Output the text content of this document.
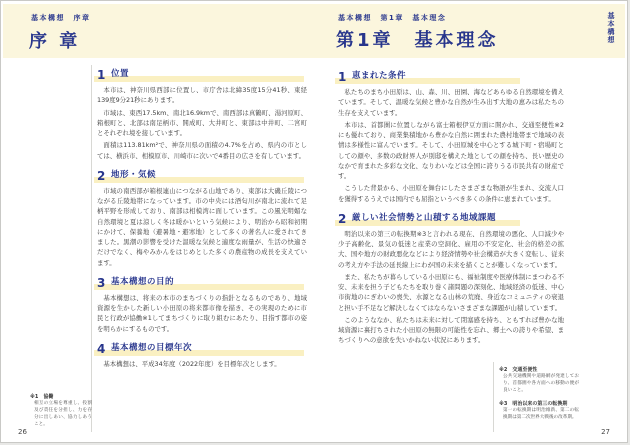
基本構想　序章
序 章
基本構想　第1章　基本理念
第1章　基本理念	基本構想
1 位置

本市は、神奈川県西部に位置し、市庁舎は北緯35度15分41秒、東経139度9分21秒にあります。

市域は、東西17.5km、南北16.9kmで、南西部は真鶴町、湯河原町、箱根町と、北部は南足柄市、開成町、大井町と、東部は中井町、二宮町とそれぞれ境を接しています。

面積は113.81km²で、神奈川県の面積の4.7%を占め、県内の市としては、横浜市、相模原市、川崎市に次いで4番目の広さを有しています。

2 地形・気候

市域の南西部が箱根連山につながる山地であり、東部は大磯丘陵につながる丘陵地帯になっています。市の中央には酒匂川が南北に流れて足柄平野を形成しており、南部は相模湾に面しています。この風光明媚な自然環境と夏は涼しく冬は暖かいという気候により、明治から昭和初期にかけて、保養地（避暑地・避寒地）として多くの著名人に愛されてきました。黒潮の影響を受けた温暖な気候と適度な雨量が、生活の快適さだけでなく、梅やみかんをはじめとした多くの農産物の成長を支えています。

3 基本構想の目的

基本構想は、将来の本市のまちづくりの指針となるものであり、地域資源を生かした新しい小田原の将来都市像を描き、その実現のために市民と行政が協働※1してまちづくりに取り組むにあたり、目指す都市の姿を明らかにするものです。

4 基本構想の目標年次

基本構想は、平成34年度（2022年度）を目標年次とします。

1 恵まれた条件

私たちのまち小田原は、山、森、川、田園、海などあらゆる自然環境を備えています。そして、温暖な気候と豊かな自然が生み出す大地の恵みは私たちの生存を支えています。

本市は、首都圏に位置しながら富士箱根伊豆方面に開かれ、交通至便性※2にも優れており、商業集積地から豊かな自然に囲まれた農村地帯まで地域の表情は多様性に富んでいます。そして、小田原城を中心とする城下町・宿場町としての顔や、多数の政財界人が別邸を構えた地としての顔を持ち、長い歴史のなかで育まれた多彩な文化、なりわいなどは全国に誇りうる市民共有の財産です。

こうした背景から、小田原を舞台にしたさまざまな物語が生まれ、交流人口を獲得するうえでは国内でも屈指というべき多くの条件に恵まれています。

2 厳しい社会情勢と山積する地域課題

明治以来の第三の転換期※3と言われる現在、自然環境の悪化、人口減少や少子高齢化、景気の低迷と産業の空洞化、雇用の不安定化、社会的格差の拡大、国や地方の財政悪化などにより経済情勢や社会構造が大きく変転し、従来の考え方や手法の延長線上にわが国の未来を描くことが難しくなっています。

また、私たちが暮らしている小田原にも、福祉制度や医療体制にまつわる不安、未来を担う子どもたちを取り巻く諸問題の深刻化、地域経済の低迷、中心市街地のにぎわいの喪失、水源となる山林の荒廃、身近なコミュニティの衰退と担い手不足など解決しなくてはならないさまざまな課題が山積しています。

このようななか、私たちは未来に対して閉塞感を持ち、ともすれば豊かな地域資源に裏打ちされた小田原の無限の可能性を忘れ、郷土への誇りや希望、まちづくりへの意欲を失いかねない状況にあります。

※1　協働
相互の立場を尊重し、役割及び責任を分担し、力を存分に出しあい、協力しあうこと。
※2　交通至便性
公共交通機関や道路網が発達しており、首都圏や各方面への移動の便が良いこと。
※3　明治以来の第三の転換期
第一の転換期は明治維新、第二の転換期は第二次世界大戦後の改革期。
26	27
